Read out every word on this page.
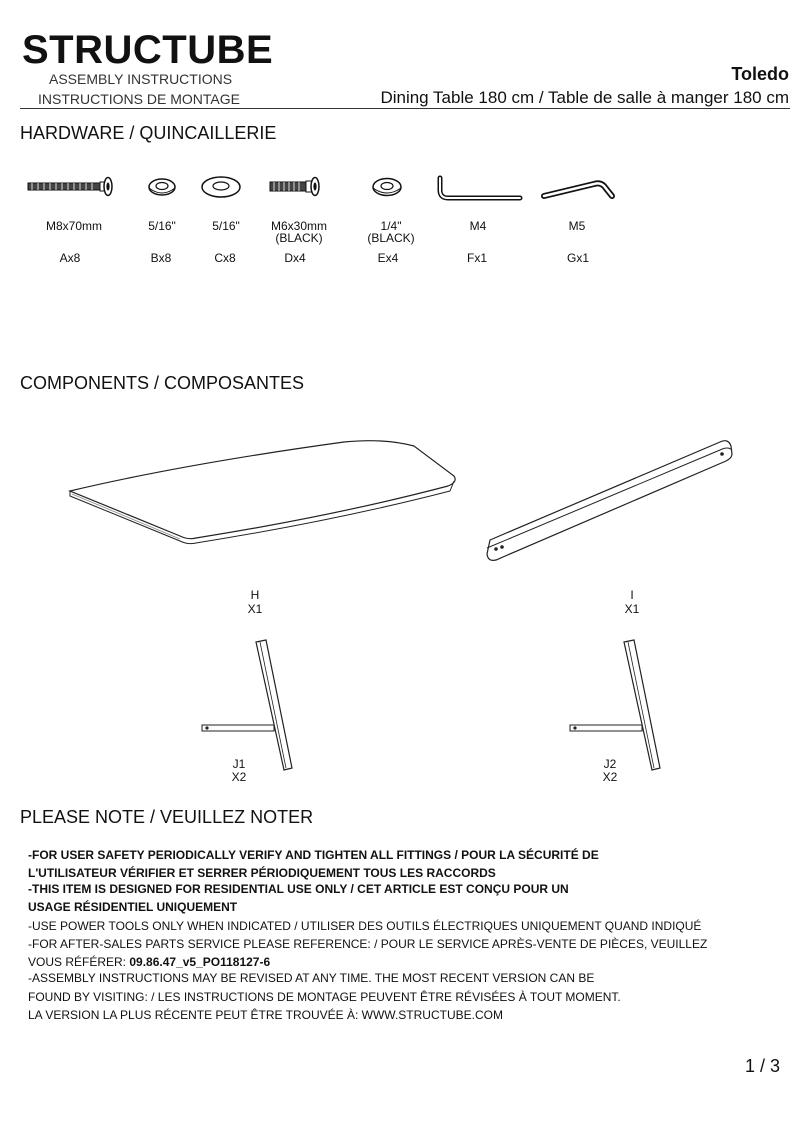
STRUCTUBE
ASSEMBLY INSTRUCTIONS
INSTRUCTIONS DE MONTAGE
Toledo
Dining Table 180 cm / Table de salle à manger 180 cm
HARDWARE / QUINCAILLERIE
M8x70mm
Ax8
5/16"
Bx8
5/16"
Cx8
M6x30mm
(BLACK)
Dx4
1/4"
(BLACK)
Ex4
M4
Fx1
M5
Gx1
COMPONENTS / COMPOSANTES
H
X1
I
X1
J1
X2
J2
X2
PLEASE NOTE / VEUILLEZ NOTER
-FOR USER SAFETY PERIODICALLY VERIFY AND TIGHTEN ALL FITTINGS / POUR LA SÉCURITÉ DE
L'UTILISATEUR VÉRIFIER ET SERRER PÉRIODIQUEMENT TOUS LES RACCORDS
-THIS ITEM IS DESIGNED FOR RESIDENTIAL USE ONLY / CET ARTICLE EST CONÇU POUR UN
USAGE RÉSIDENTIEL UNIQUEMENT
-USE POWER TOOLS ONLY WHEN INDICATED / UTILISER DES OUTILS ÉLECTRIQUES UNIQUEMENT QUAND INDIQUÉ
-FOR AFTER-SALES PARTS SERVICE PLEASE REFERENCE: / POUR LE SERVICE APRÈS-VENTE DE PIÈCES, VEUILLEZ
VOUS RÉFÉRER: 09.86.47_v5_PO118127-6
-ASSEMBLY INSTRUCTIONS MAY BE REVISED AT ANY TIME. THE MOST RECENT VERSION CAN BE
FOUND BY VISITING: / LES INSTRUCTIONS DE MONTAGE PEUVENT ÊTRE RÉVISÉES À TOUT MOMENT.
LA VERSION LA PLUS RÉCENTE PEUT ÊTRE TROUVÉE À: WWW.STRUCTUBE.COM
1 / 3
